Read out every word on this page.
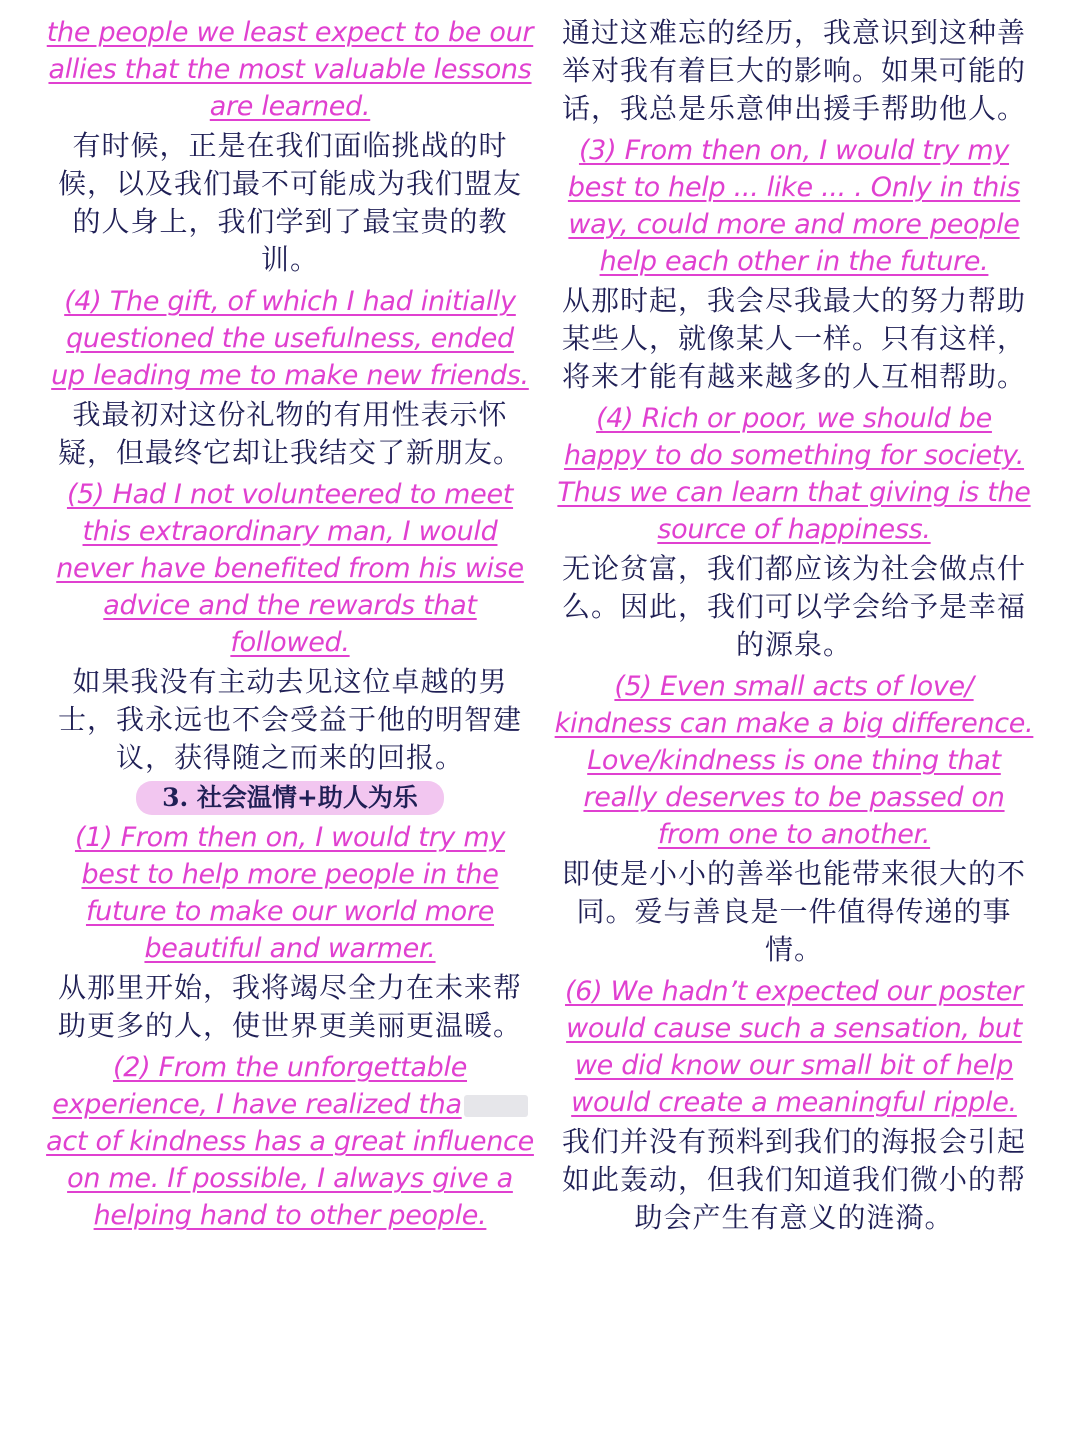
the people we least expect to be our allies that the most valuable lessons are learned.

有时候，正是在我们面临挑战的时候，以及我们最不可能成为我们盟友的人身上，我们学到了最宝贵的教训。

(4) The gift, of which I had initially questioned the usefulness, ended up leading me to make new friends.

我最初对这份礼物的有用性表示怀疑，但最终它却让我结交了新朋友。

(5) Had I not volunteered to meet this extraordinary man, I would never have benefited from his wise advice and the rewards that followed.

如果我没有主动去见这位卓越的男士，我永远也不会受益于他的明智建议，获得随之而来的回报。

3. 社会温情+助人为乐

(1) From then on, I would try my best to help more people in the future to make our world more beautiful and warmer.

从那里开始，我将竭尽全力在未来帮助更多的人，使世界更美丽更温暖。

(2) From the unforgettable experience, I have realized tha act of kindness has a great influence on me. If possible, I always give a helping hand to other people.

通过这难忘的经历，我意识到这种善举对我有着巨大的影响。如果可能的话，我总是乐意伸出援手帮助他人。

(3) From then on, I would try my best to help ... like ... . Only in this way, could more and more people help each other in the future.

从那时起，我会尽我最大的努力帮助某些人，就像某人一样。只有这样，将来才能有越来越多的人互相帮助。

(4) Rich or poor, we should be happy to do something for society. Thus we can learn that giving is the source of happiness.

无论贫富，我们都应该为社会做点什么。因此，我们可以学会给予是幸福的源泉。

(5) Even small acts of love/ kindness can make a big difference. Love/kindness is one thing that really deserves to be passed on from one to another.

即使是小小的善举也能带来很大的不同。爱与善良是一件值得传递的事情。

(6) We hadn’t expected our poster would cause such a sensation, but we did know our small bit of help would create a meaningful ripple.

我们并没有预料到我们的海报会引起如此轰动，但我们知道我们微小的帮助会产生有意义的涟漪。
